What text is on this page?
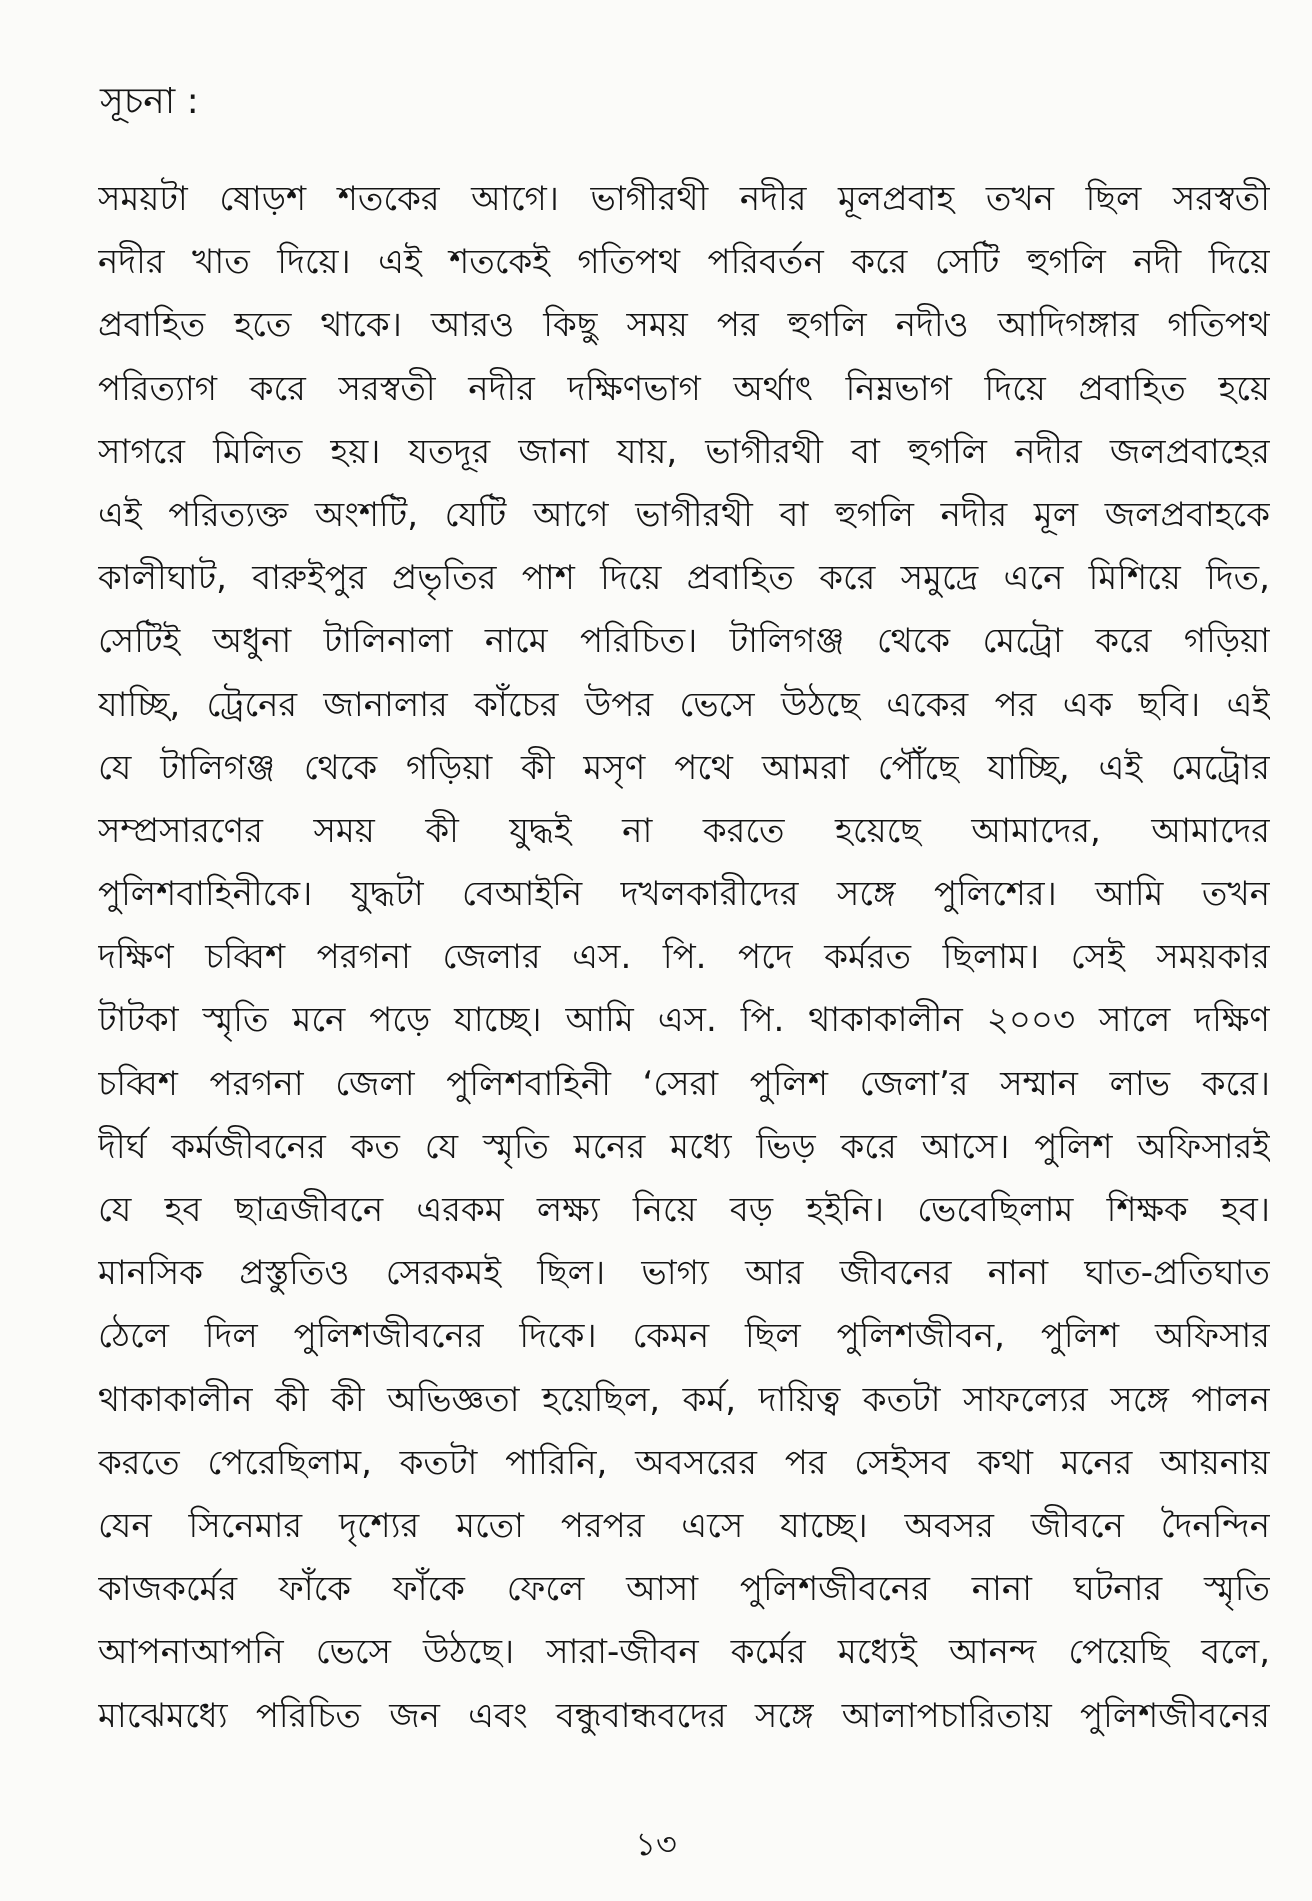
সূচনা :
সময়টা ষোড়শ শতকের আগে। ভাগীরথী নদীর মূলপ্রবাহ তখন ছিল সরস্বতী
নদীর খাত দিয়ে। এই শতকেই গতিপথ পরিবর্তন করে সেটি হুগলি নদী দিয়ে
প্রবাহিত হতে থাকে। আরও কিছু সময় পর হুগলি নদীও আদিগঙ্গার গতিপথ
পরিত্যাগ করে সরস্বতী নদীর দক্ষিণভাগ অর্থাৎ নিম্নভাগ দিয়ে প্রবাহিত হয়ে
সাগরে মিলিত হয়। যতদূর জানা যায়, ভাগীরথী বা হুগলি নদীর জলপ্রবাহের
এই পরিত্যক্ত অংশটি, যেটি আগে ভাগীরথী বা হুগলি নদীর মূল জলপ্রবাহকে
কালীঘাট, বারুইপুর প্রভৃতির পাশ দিয়ে প্রবাহিত করে সমুদ্রে এনে মিশিয়ে দিত,
সেটিই অধুনা টালিনালা নামে পরিচিত। টালিগঞ্জ থেকে মেট্রো করে গড়িয়া
যাচ্ছি, ট্রেনের জানালার কাঁচের উপর ভেসে উঠছে একের পর এক ছবি। এই
যে টালিগঞ্জ থেকে গড়িয়া কী মসৃণ পথে আমরা পৌঁছে যাচ্ছি, এই মেট্রোর
সম্প্রসারণের সময় কী যুদ্ধই না করতে হয়েছে আমাদের, আমাদের
পুলিশবাহিনীকে। যুদ্ধটা বেআইনি দখলকারীদের সঙ্গে পুলিশের। আমি তখন
দক্ষিণ চব্বিশ পরগনা জেলার এস. পি. পদে কর্মরত ছিলাম। সেই সময়কার
টাটকা স্মৃতি মনে পড়ে যাচ্ছে। আমি এস. পি. থাকাকালীন ২০০৩ সালে দক্ষিণ
চব্বিশ পরগনা জেলা পুলিশবাহিনী ‘সেরা পুলিশ জেলা’র সম্মান লাভ করে।
দীর্ঘ কর্মজীবনের কত যে স্মৃতি মনের মধ্যে ভিড় করে আসে। পুলিশ অফিসারই
যে হব ছাত্রজীবনে এরকম লক্ষ্য নিয়ে বড় হইনি। ভেবেছিলাম শিক্ষক হব।
মানসিক প্রস্তুতিও সেরকমই ছিল। ভাগ্য আর জীবনের নানা ঘাত-প্রতিঘাত
ঠেলে দিল পুলিশজীবনের দিকে। কেমন ছিল পুলিশজীবন, পুলিশ অফিসার
থাকাকালীন কী কী অভিজ্ঞতা হয়েছিল, কর্ম, দায়িত্ব কতটা সাফল্যের সঙ্গে পালন
করতে পেরেছিলাম, কতটা পারিনি, অবসরের পর সেইসব কথা মনের আয়নায়
যেন সিনেমার দৃশ্যের মতো পরপর এসে যাচ্ছে। অবসর জীবনে দৈনন্দিন
কাজকর্মের ফাঁকে ফাঁকে ফেলে আসা পুলিশজীবনের নানা ঘটনার স্মৃতি
আপনাআপনি ভেসে উঠছে। সারা-জীবন কর্মের মধ্যেই আনন্দ পেয়েছি বলে,
মাঝেমধ্যে পরিচিত জন এবং বন্ধুবান্ধবদের সঙ্গে আলাপচারিতায় পুলিশজীবনের
১৩
